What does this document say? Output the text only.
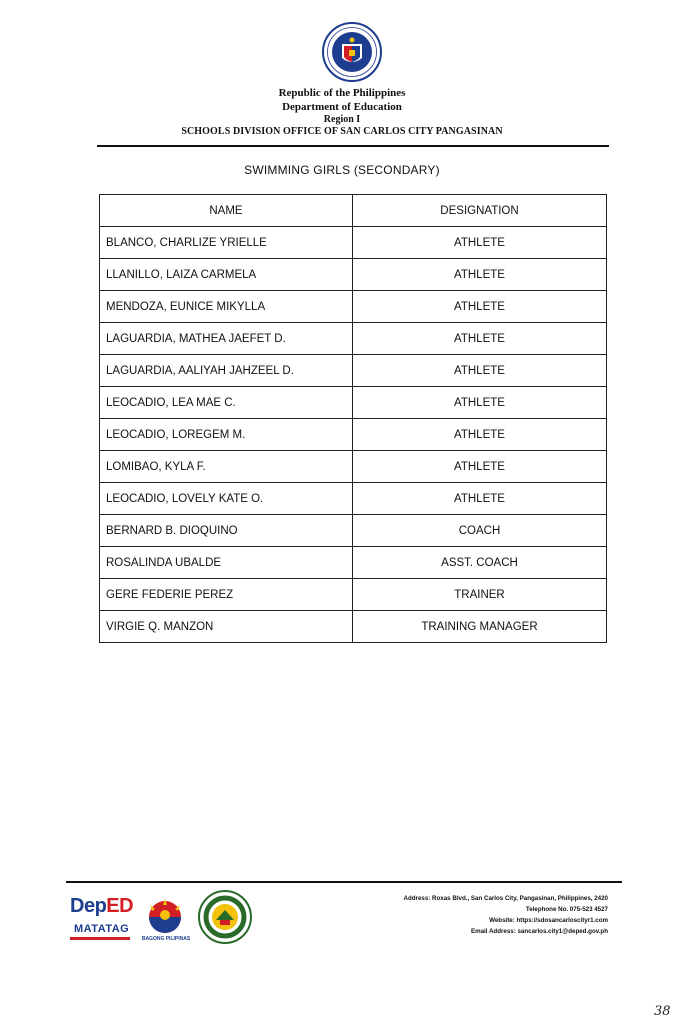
Republic of the Philippines
Department of Education
Region I
SCHOOLS DIVISION OFFICE OF SAN CARLOS CITY PANGASINAN
SWIMMING GIRLS (SECONDARY)
NAME	DESIGNATION
BLANCO, CHARLIZE YRIELLE	ATHLETE
LLANILLO, LAIZA CARMELA	ATHLETE
MENDOZA, EUNICE MIKYLLA	ATHLETE
LAGUARDIA, MATHEA JAEFET D.	ATHLETE
LAGUARDIA, AALIYAH JAHZEEL D.	ATHLETE
LEOCADIO, LEA MAE C.	ATHLETE
LEOCADIO, LOREGEM M.	ATHLETE
LOMIBAO, KYLA F.	ATHLETE
LEOCADIO, LOVELY KATE O.	ATHLETE
BERNARD B. DIOQUINO	COACH
ROSALINDA UBALDE	ASST. COACH
GERE FEDERIE PEREZ	TRAINER
VIRGIE Q. MANZON	TRAINING MANAGER
DepED
MATATAG
BAGONG PILIPINAS
Address: Roxas Blvd., San Carlos City, Pangasinan, Philippines, 2420
Telephone No. 075-523 4527
Website: https://sdosancarloscityr1.com
Email Address: sancarlos.city1@deped.gov.ph
38
